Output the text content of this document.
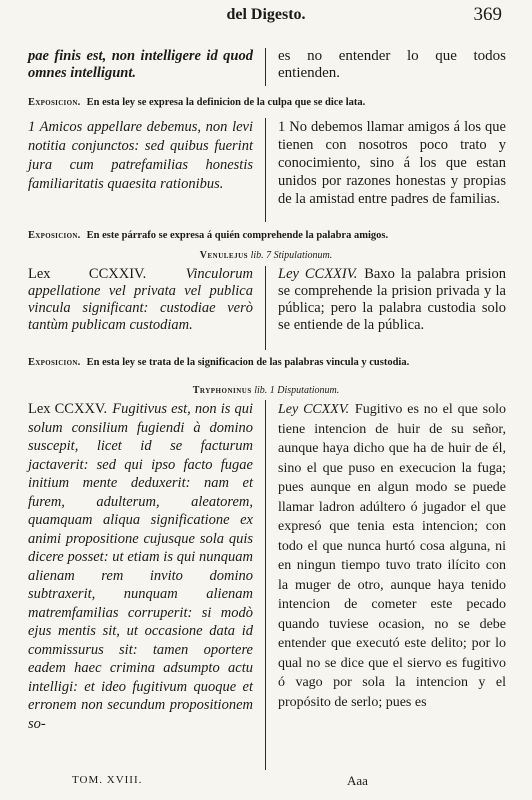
del Digesto.	369
pae finis est, non intelligere id quod omnes intelligunt.
es no entender lo que todos entienden.
Exposicion. En esta ley se expresa la definicion de la culpa que se dice lata.
1 Amicos appellare debemus, non levi notitia conjunctos: sed quibus fuerint jura cum patrefamilias honestis familiaritatis quaesita rationibus.
1 No debemos llamar amigos á los que tienen con nosotros poco trato y conocimiento, sino á los que estan unidos por razones honestas y propias de la amistad entre padres de familias.
Exposicion. En este párrafo se expresa á quién comprehende la palabra amigos.
Venulejus lib. 7 Stipulationum.
Lex CCXXIV.	Vinculorum appellatione vel privata vel publica vincula significant: custodiae verò tantùm publicam custodiam.
Ley CCXXIV. Baxo la palabra prision se comprehende la prision privada y la pública; pero la palabra custodia solo se entiende de la pública.
Exposicion. En esta ley se trata de la significacion de las palabras vincula y custodia.
Tryphoninus lib. 1 Disputationum.
Lex CCXXV. Fugitivus est, non is qui solum consilium fugiendi à domino suscepit, licet id se facturum jactaverit: sed qui ipso facto fugae initium mente deduxerit: nam et furem, adulterum, aleatorem, quamquam aliqua significatione ex animi propositione cujusque sola quis dicere posset: ut etiam is qui nunquam alienam rem invito domino subtraxerit, nunquam alienam matremfamilias corruperit: si modò ejus mentis sit, ut occasione data id commissurus sit: tamen oportere eadem haec crimina adsumpto actu intelligi: et ideo fugitivum quoque et erronem non secundum propositionem so-
Ley CCXXV. Fugitivo es no el que solo tiene intencion de huir de su señor, aunque haya dicho que ha de huir de él, sino el que puso en execucion la fuga; pues aunque en algun modo se puede llamar ladron adúltero ó jugador el que expresó que tenia esta intencion; con todo el que nunca hurtó cosa alguna, ni en ningun tiempo tuvo trato ilícito con la muger de otro, aunque haya tenido intencion de cometer este pecado quando tuviese ocasion, no se debe entender que executó este delito; por lo qual no se dice que el siervo es fugitivo ó vago por sola la intencion y el propósito de serlo; pues es
TOM. XVIII.	Aaa
